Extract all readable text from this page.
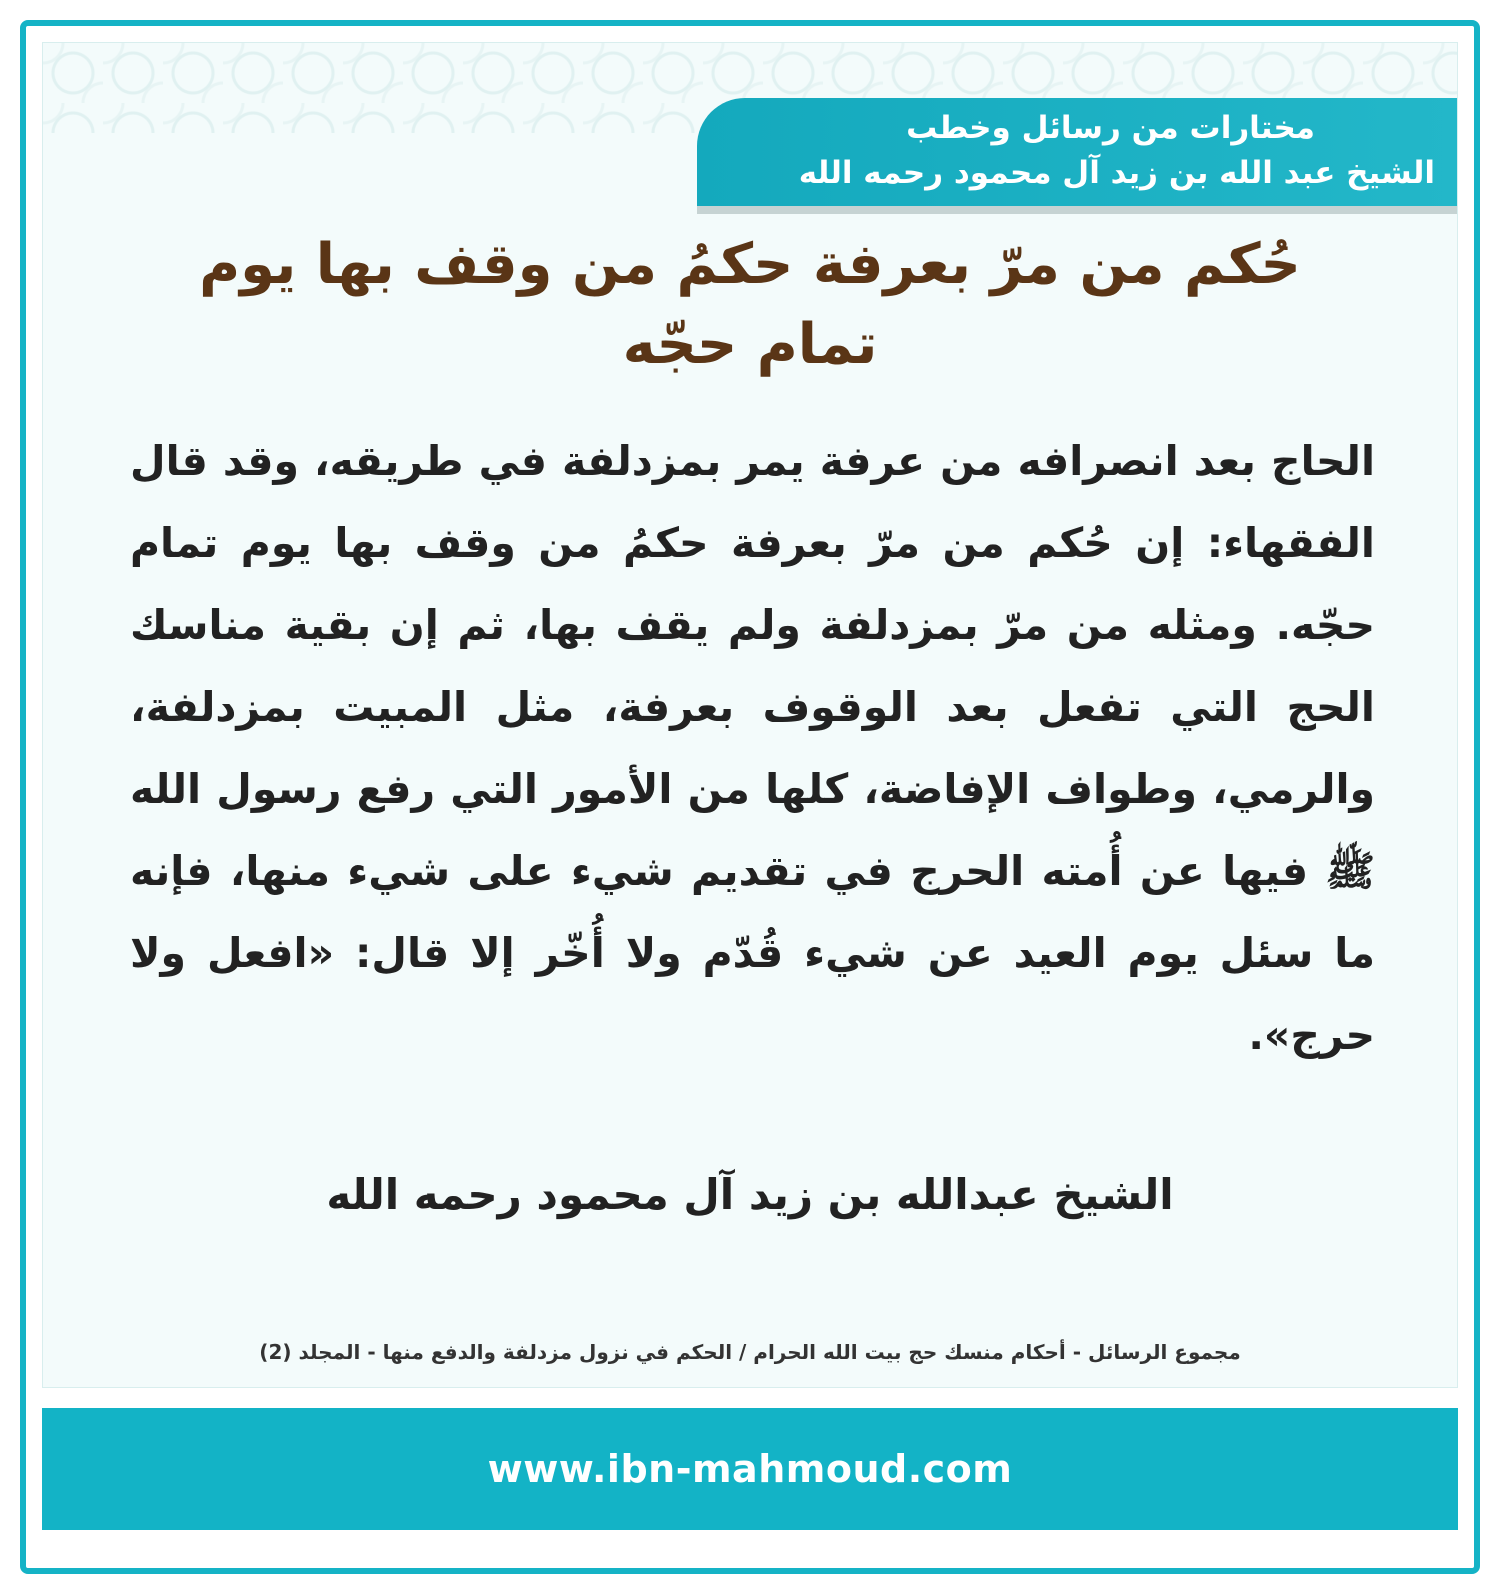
مختارات من رسائل وخطب
الشيخ عبد الله بن زيد آل محمود رحمه الله
حُكم من مرّ بعرفة حكمُ من وقف بها يوم تمام حجّه
الحاج بعد انصرافه من عرفة يمر بمزدلفة في طريقه، وقد قال الفقهاء: إن حُكم من مرّ بعرفة حكمُ من وقف بها يوم تمام حجّه. ومثله من مرّ بمزدلفة ولم يقف بها، ثم إن بقية مناسك الحج التي تفعل بعد الوقوف بعرفة، مثل المبيت بمزدلفة، والرمي، وطواف الإفاضة، كلها من الأمور التي رفع رسول الله ﷺ فيها عن أُمته الحرج في تقديم شيء على شيء منها، فإنه ما سئل يوم العيد عن شيء قُدّم ولا أُخّر إلا قال: «افعل ولا حرج».
الشيخ عبدالله بن زيد آل محمود رحمه الله
مجموع الرسائل - أحكام منسك حج بيت الله الحرام / الحكم في نزول مزدلفة والدفع منها - المجلد (2)
www.ibn-mahmoud.com
